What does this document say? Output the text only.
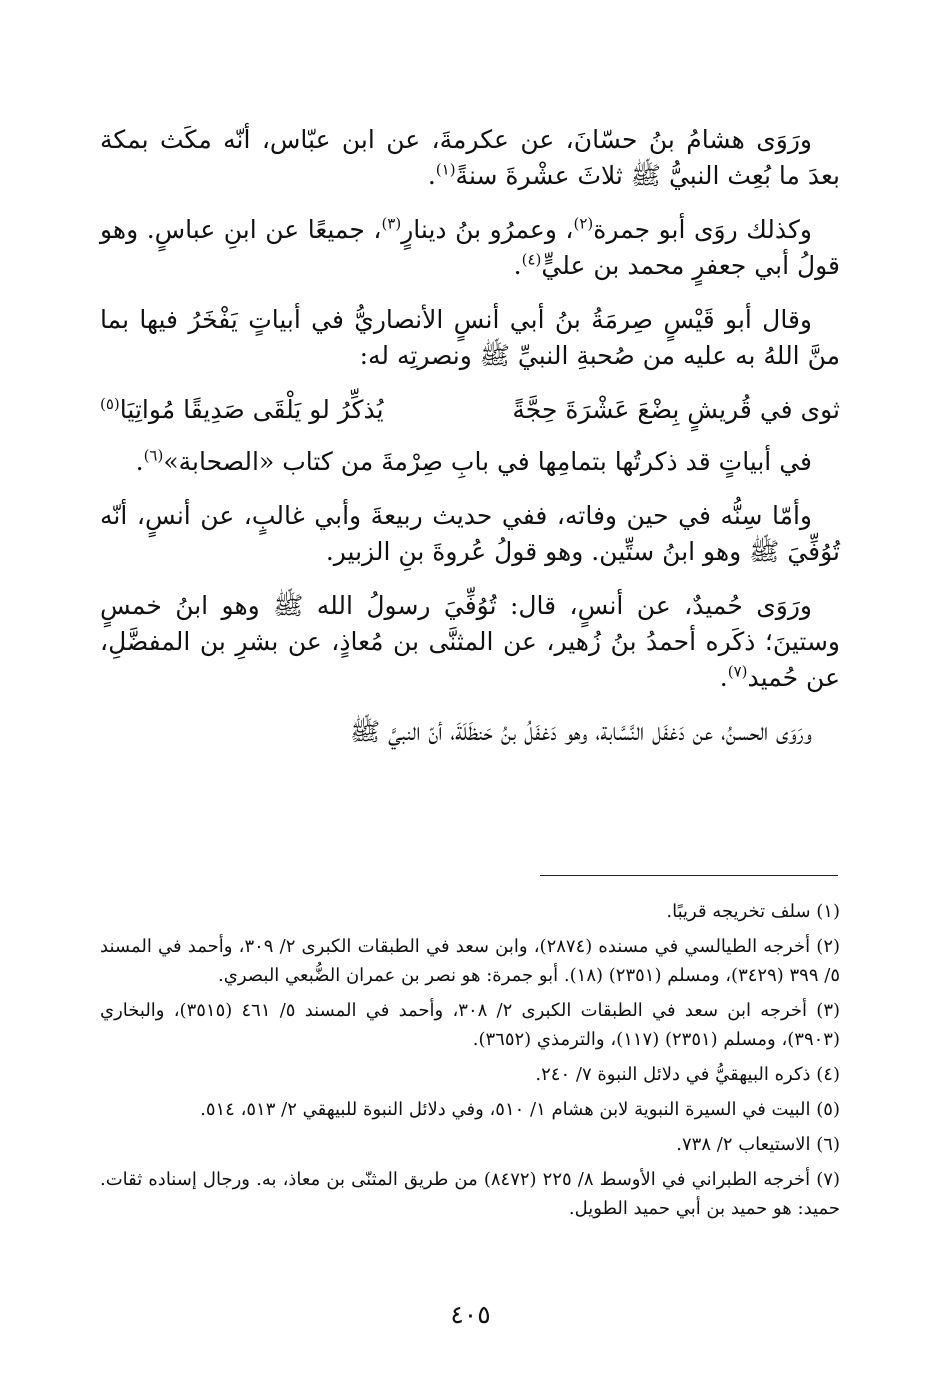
ورَوَى هشامُ بنُ حسّانَ، عن عكرمةَ، عن ابن عبّاس، أنّه مكَث بمكة بعدَ ما بُعِث النبيُّ ﷺ ثلاثَ عشْرةَ سنةً$^{(١)}$.

وكذلك روَى أبو جمرة$^{(٢)}$، وعمرُو بنُ دينارٍ$^{(٣)}$، جميعًا عن ابنِ عباسٍ. وهو قولُ أبي جعفرٍ محمد بن عليٍّ$^{(٤)}$.

وقال أبو قَيْسٍ صِرمَةُ بنُ أبي أنسٍ الأنصاريُّ في أبياتٍ يَفْخَرُ فيها بما منَّ اللهُ به عليه من صُحبةِ النبيِّ ﷺ ونصرتِه له:

ثوى في قُريشٍ بِضْعَ عَشْرَةَ حِجَّةً
يُذكِّرُ لو يَلْقَى صَدِيقًا مُواتِيَا(٥)

في أبياتٍ قد ذكرتُها بتمامِها في بابِ صِرْمةَ من كتاب «الصحابة»$^{(٦)}$.

وأمّا سِنُّه في حين وفاته، ففي حديث ربيعةَ وأبي غالبٍ، عن أنسٍ، أنّه تُوُفِّيَ ﷺ وهو ابنُ ستِّين. وهو قولُ عُروةَ بنِ الزبير.

ورَوَى حُميدٌ، عن أنسٍ، قال: تُوُفِّيَ رسولُ الله ﷺ وهو ابنُ خمسٍ وستينَ؛ ذكَره أحمدُ بنُ زُهير، عن المثنَّى بن مُعاذٍ، عن بشرِ بن المفضَّلِ، عن حُميد$^{(٧)}$.

ورَوَى الحسنُ، عن دَغفَل النَّسَّابة، وهو دَغفَلُ بنُ حَنظَلَةَ، أنّ النبيَّ ﷺ

(١) سلف تخريجه قريبًا.

(٢) أخرجه الطيالسي في مسنده (٢٨٧٤)، وابن سعد في الطبقات الكبرى ٢/ ٣٠٩، وأحمد في المسند ٥/ ٣٩٩ (٣٤٢٩)، ومسلم (٢٣٥١) (١٨). أبو جمرة: هو نصر بن عمران الضُّبعي البصري.

(٣) أخرجه ابن سعد في الطبقات الكبرى ٢/ ٣٠٨، وأحمد في المسند ٥/ ٤٦١ (٣٥١٥)، والبخاري (٣٩٠٣)، ومسلم (٢٣٥١) (١١٧)، والترمذي (٣٦٥٢).

(٤) ذكره البيهقيُّ في دلائل النبوة ٧/ ٢٤٠.

(٥) البيت في السيرة النبوية لابن هشام ١/ ٥١٠، وفي دلائل النبوة للبيهقي ٢/ ٥١٣، ٥١٤.

(٦) الاستيعاب ٢/ ٧٣٨.

(٧) أخرجه الطبراني في الأوسط ٨/ ٢٢٥ (٨٤٧٢) من طريق المثنّى بن معاذ، به. ورجال إسناده ثقات. حميد: هو حميد بن أبي حميد الطويل.

٤٠٥
